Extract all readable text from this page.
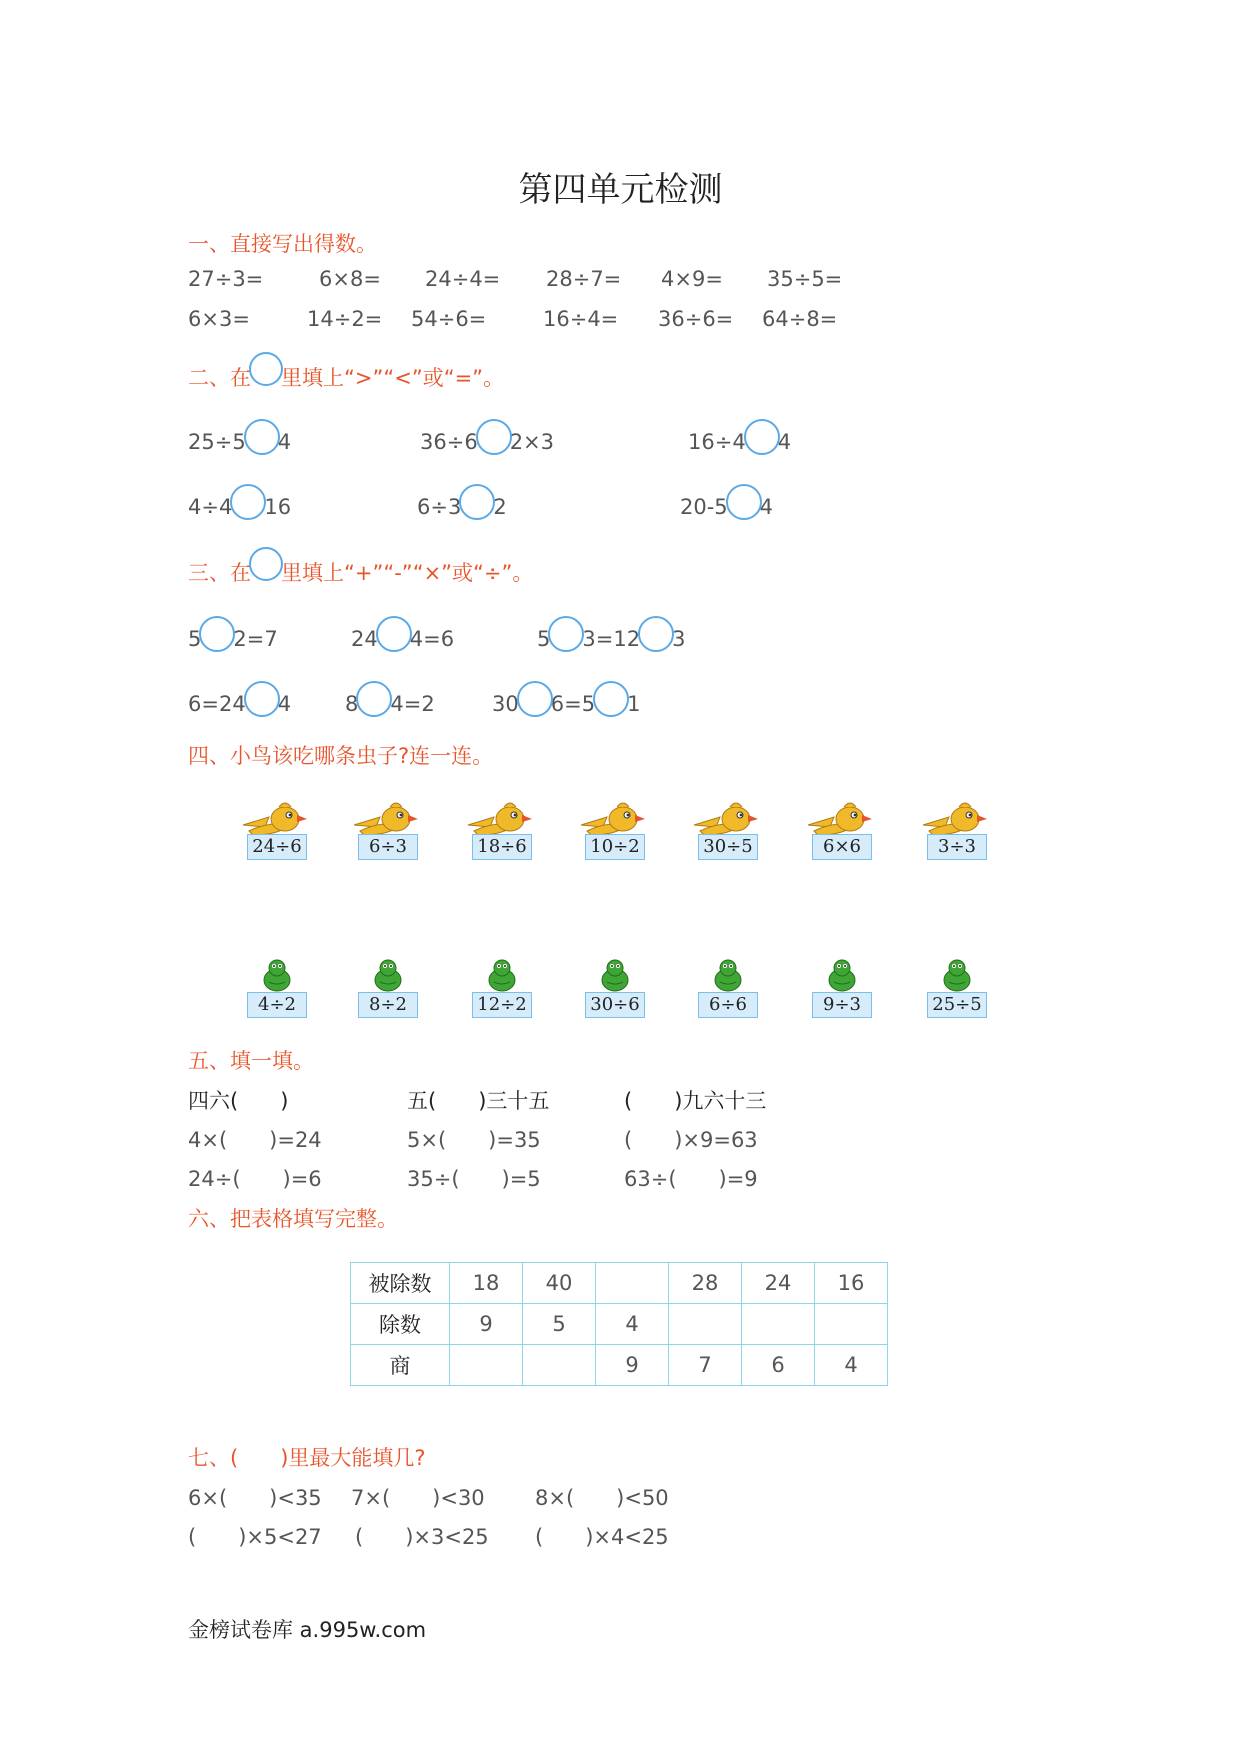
第四单元检测
一、直接写出得数。
27÷3=	6×8= 24÷4= 28÷7= 4×9= 35÷5=
6×3=	14÷2= 54÷6=	16÷4= 36÷6= 64÷8=
二、在 里填上“>”“<”或“=”。
25÷5 4	36÷6 2×3	16÷4 4
4÷4 16	6÷3 2	20-5 4
三、在 里填上“+”“-”“×”或“÷”。
5 2=7	24 4=6	5 3=12 3
6=24 4	8 4=2	30 6=5 1
四、小鸟该吃哪条虫子?连一连。
24÷6	6÷3	18÷6	10÷2	30÷5	6×6	3÷3
4÷2	8÷2	12÷2	30÷6	6÷6	9÷3	25÷5
五、填一填。
四六(　　)	五(　　)三十五	(　　)九六十三
4×(　　)=24	5×(　　)=35	(　　)×9=63
24÷(　　)=6	35÷(　　)=5	63÷(　　)=9
六、把表格填写完整。
被除数	18	40		28	24	16
除数	9	5	4			
商			9	7	6	4
七、(　　)里最大能填几?
6×(　　)<35 7×(　　)<30 8×(　　)<50
(　　)×5<27 (　　)×3<25 (　　)×4<25
金榜试卷库 a.995w.com
